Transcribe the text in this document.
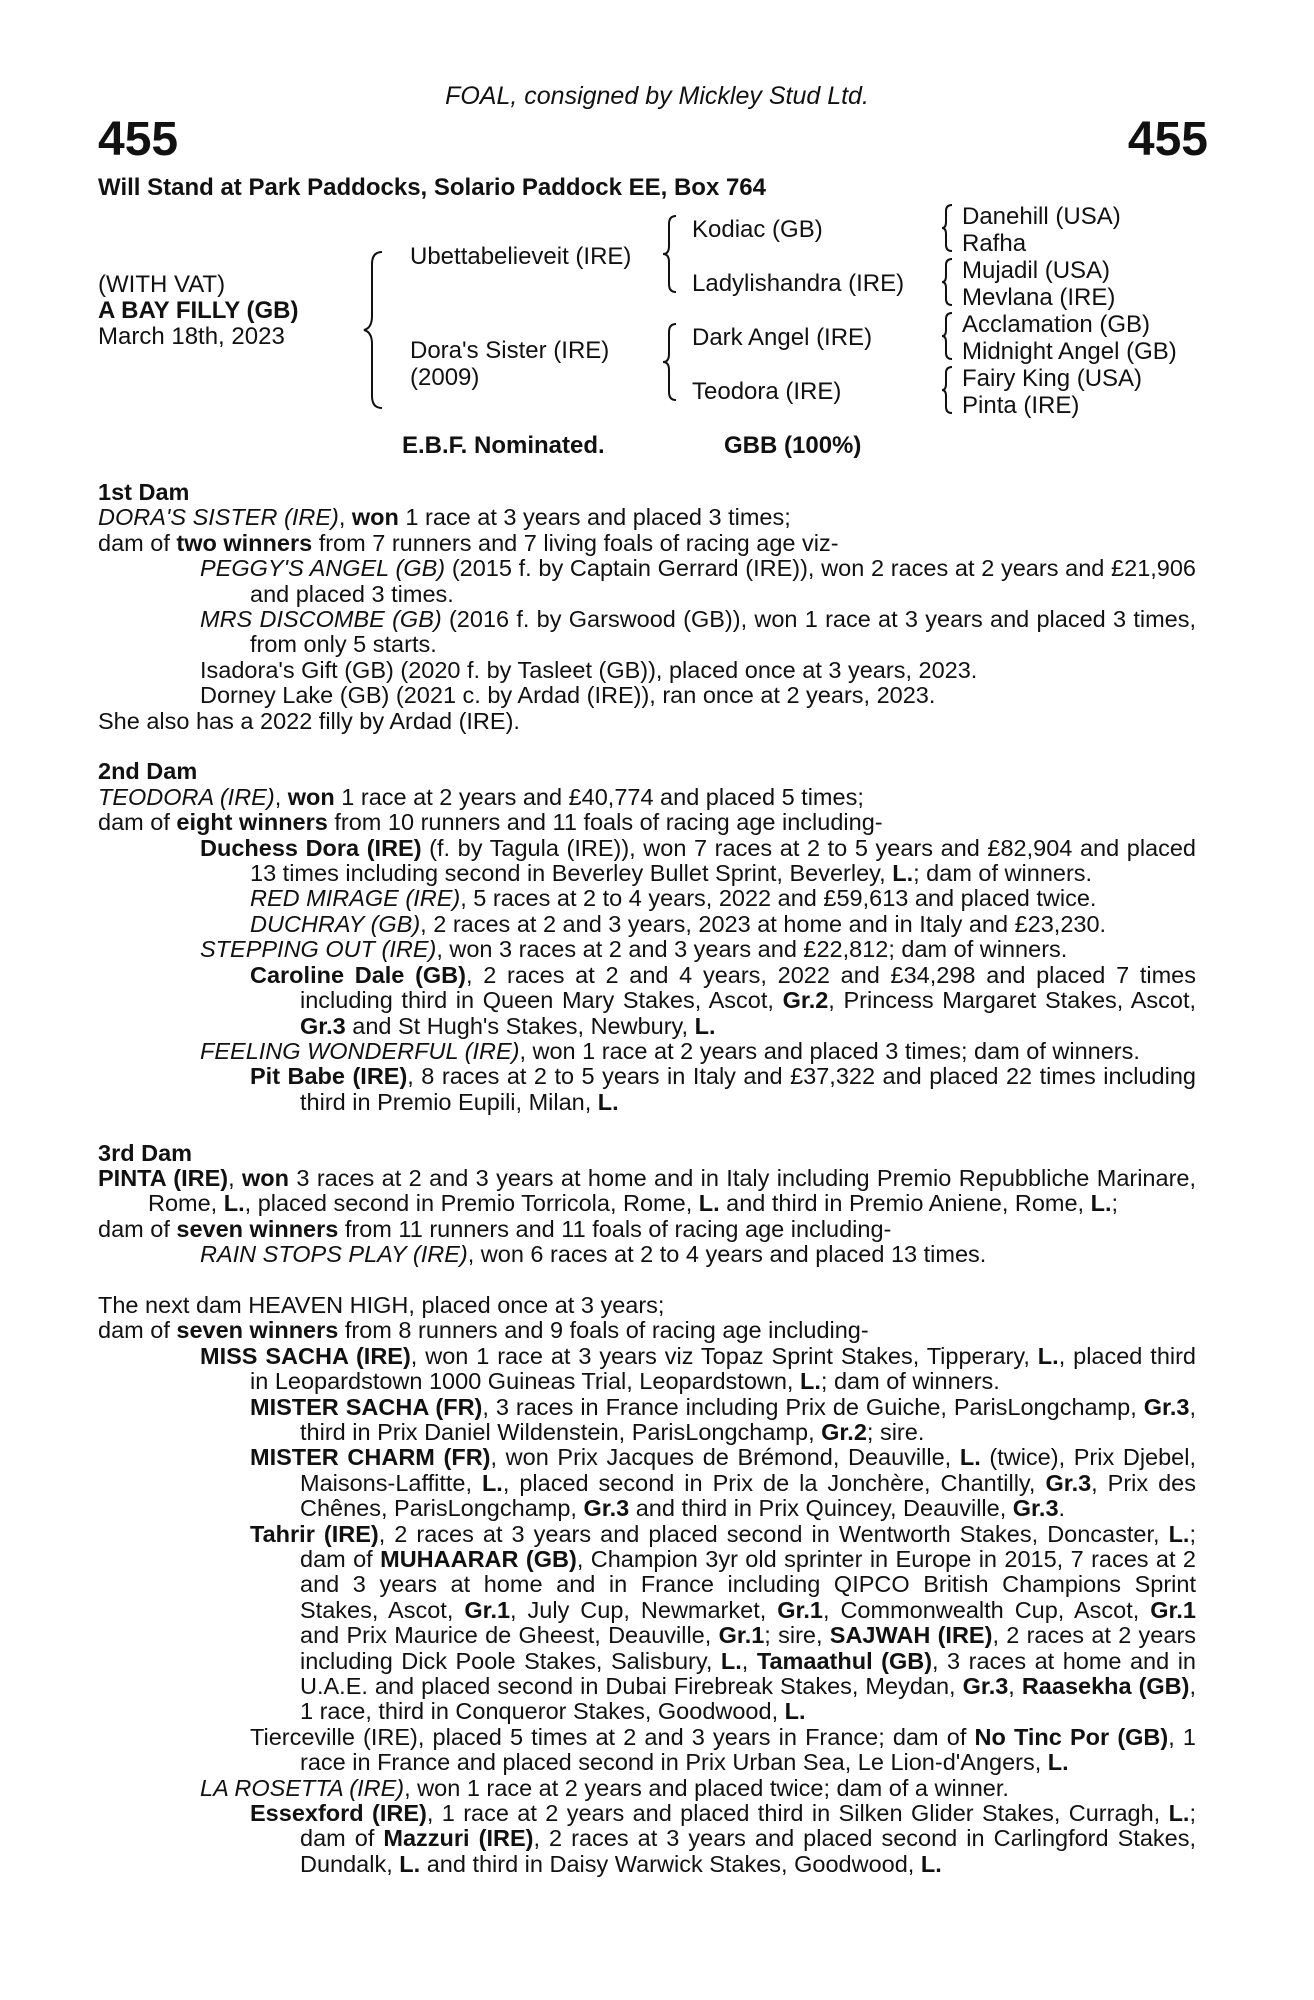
FOAL, consigned by Mickley Stud Ltd.
455	455
Will Stand at Park Paddocks, Solario Paddock EE, Box 764
(WITH VAT)
A BAY FILLY (GB)
March 18th, 2023
Ubettabelieveit (IRE)
Dora's Sister (IRE)
(2009)
Kodiac (GB)
Ladylishandra (IRE)
Dark Angel (IRE)
Teodora (IRE)
Danehill (USA)
Rafha
Mujadil (USA)
Mevlana (IRE)
Acclamation (GB)
Midnight Angel (GB)
Fairy King (USA)
Pinta (IRE)
E.B.F. Nominated.	GBB (100%)

1st Dam

DORA'S SISTER (IRE), won 1 race at 3 years and placed 3 times;

dam of two winners from 7 runners and 7 living foals of racing age viz-

PEGGY'S ANGEL (GB) (2015 f. by Captain Gerrard (IRE)), won 2 races at 2 years and £21,906 and placed 3 times.

MRS DISCOMBE (GB) (2016 f. by Garswood (GB)), won 1 race at 3 years and placed 3 times, from only 5 starts.

Isadora's Gift (GB) (2020 f. by Tasleet (GB)), placed once at 3 years, 2023.

Dorney Lake (GB) (2021 c. by Ardad (IRE)), ran once at 2 years, 2023.

She also has a 2022 filly by Ardad (IRE).

2nd Dam

TEODORA (IRE), won 1 race at 2 years and £40,774 and placed 5 times;

dam of eight winners from 10 runners and 11 foals of racing age including-

Duchess Dora (IRE) (f. by Tagula (IRE)), won 7 races at 2 to 5 years and £82,904 and placed 13 times including second in Beverley Bullet Sprint, Beverley, L.; dam of winners.

RED MIRAGE (IRE), 5 races at 2 to 4 years, 2022 and £59,613 and placed twice.

DUCHRAY (GB), 2 races at 2 and 3 years, 2023 at home and in Italy and £23,230.

STEPPING OUT (IRE), won 3 races at 2 and 3 years and £22,812; dam of winners.

Caroline Dale (GB), 2 races at 2 and 4 years, 2022 and £34,298 and placed 7 times including third in Queen Mary Stakes, Ascot, Gr.2, Princess Margaret Stakes, Ascot, Gr.3 and St Hugh's Stakes, Newbury, L.

FEELING WONDERFUL (IRE), won 1 race at 2 years and placed 3 times; dam of winners.

Pit Babe (IRE), 8 races at 2 to 5 years in Italy and £37,322 and placed 22 times including third in Premio Eupili, Milan, L.

3rd Dam

PINTA (IRE), won 3 races at 2 and 3 years at home and in Italy including Premio Repubbliche Marinare, Rome, L., placed second in Premio Torricola, Rome, L. and third in Premio Aniene, Rome, L.;

dam of seven winners from 11 runners and 11 foals of racing age including-

RAIN STOPS PLAY (IRE), won 6 races at 2 to 4 years and placed 13 times.

The next dam HEAVEN HIGH, placed once at 3 years;

dam of seven winners from 8 runners and 9 foals of racing age including-

MISS SACHA (IRE), won 1 race at 3 years viz Topaz Sprint Stakes, Tipperary, L., placed third in Leopardstown 1000 Guineas Trial, Leopardstown, L.; dam of winners.

MISTER SACHA (FR), 3 races in France including Prix de Guiche, ParisLongchamp, Gr.3, third in Prix Daniel Wildenstein, ParisLongchamp, Gr.2; sire.

MISTER CHARM (FR), won Prix Jacques de Brémond, Deauville, L. (twice), Prix Djebel, Maisons-Laffitte, L., placed second in Prix de la Jonchère, Chantilly, Gr.3, Prix des Chênes, ParisLongchamp, Gr.3 and third in Prix Quincey, Deauville, Gr.3.

Tahrir (IRE), 2 races at 3 years and placed second in Wentworth Stakes, Doncaster, L.; dam of MUHAARAR (GB), Champion 3yr old sprinter in Europe in 2015, 7 races at 2 and 3 years at home and in France including QIPCO British Champions Sprint Stakes, Ascot, Gr.1, July Cup, Newmarket, Gr.1, Commonwealth Cup, Ascot, Gr.1 and Prix Maurice de Gheest, Deauville, Gr.1; sire, SAJWAH (IRE), 2 races at 2 years including Dick Poole Stakes, Salisbury, L., Tamaathul (GB), 3 races at home and in U.A.E. and placed second in Dubai Firebreak Stakes, Meydan, Gr.3, Raasekha (GB), 1 race, third in Conqueror Stakes, Goodwood, L.

Tierceville (IRE), placed 5 times at 2 and 3 years in France; dam of No Tinc Por (GB), 1 race in France and placed second in Prix Urban Sea, Le Lion-d'Angers, L.

LA ROSETTA (IRE), won 1 race at 2 years and placed twice; dam of a winner.

Essexford (IRE), 1 race at 2 years and placed third in Silken Glider Stakes, Curragh, L.; dam of Mazzuri (IRE), 2 races at 3 years and placed second in Carlingford Stakes, Dundalk, L. and third in Daisy Warwick Stakes, Goodwood, L.
